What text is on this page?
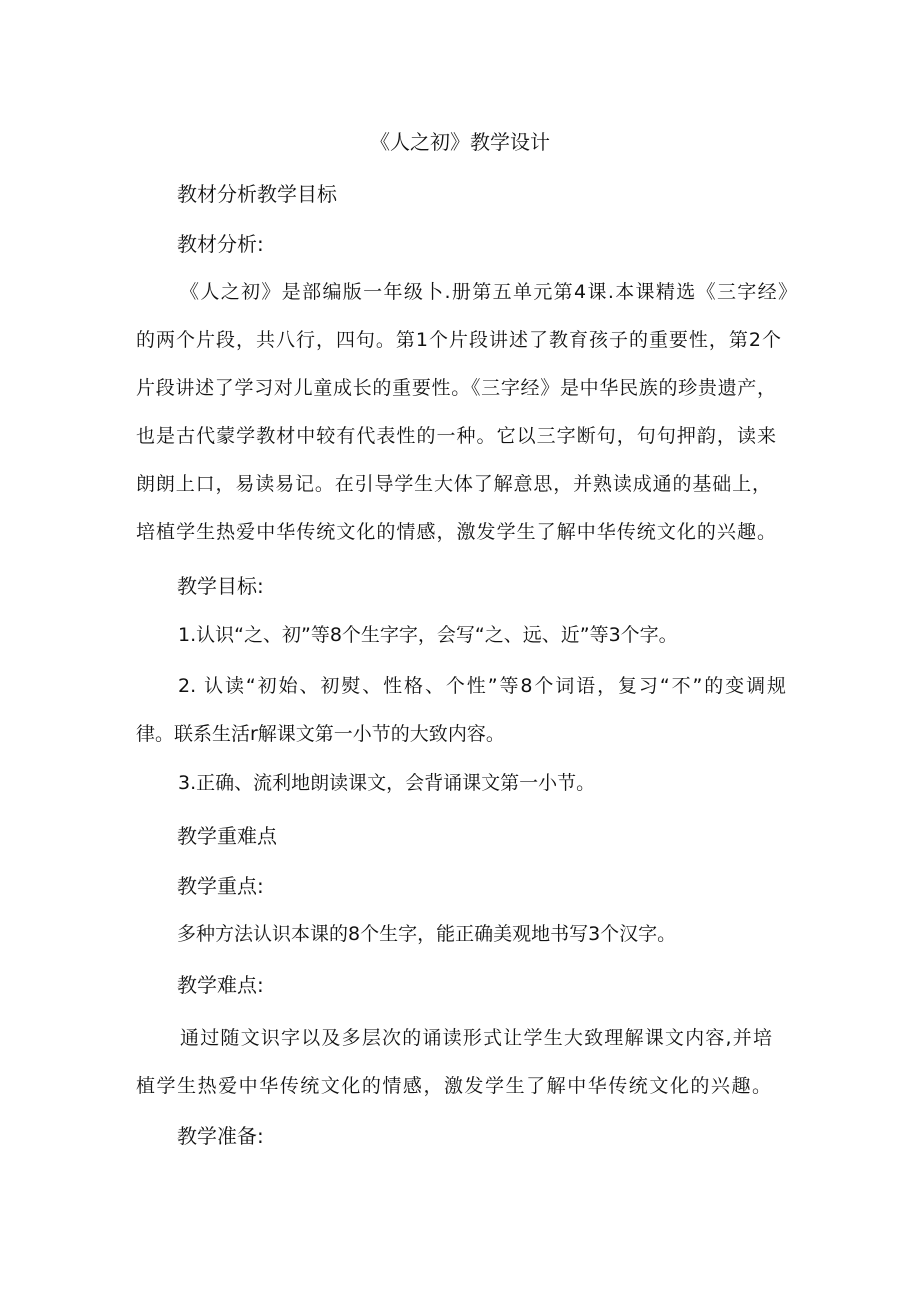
《人之初》教学设计
教材分析教学目标
教材分析:
《人之初》是部编版一年级卜.册第五单元第4课.本课精选《三字经》
的两个片段，共八行，四句。第1个片段讲述了教育孩子的重要性，第2个
片段讲述了学习对儿童成长的重要性。《三字经》是中华民族的珍贵遗产，
也是古代蒙学教材中较有代表性的一种。它以三字断句，句句押韵，读来
朗朗上口，易读易记。在引导学生大体了解意思，并熟读成通的基础上，
培植学生热爱中华传统文化的情感，激发学生了解中华传统文化的兴趣。
教学目标:
1.认识“之、初”等8个生字字，会写“之、远、近”等3个字。
2. 认读“初始、初熨、性格、个性”等8个词语，复习“不”的变调规
律。联系生活r解课文第一小节的大致内容。
3.正确、流利地朗读课文，会背诵课文第一小节。
教学重难点
教学重点:
多种方法认识本课的8个生字，能正确美观地书写3个汉字。
教学难点:
通过随文识字以及多层次的诵读形式让学生大致理解课文内容,并培
植学生热爱中华传统文化的情感，激发学生了解中华传统文化的兴趣。
教学准备:
